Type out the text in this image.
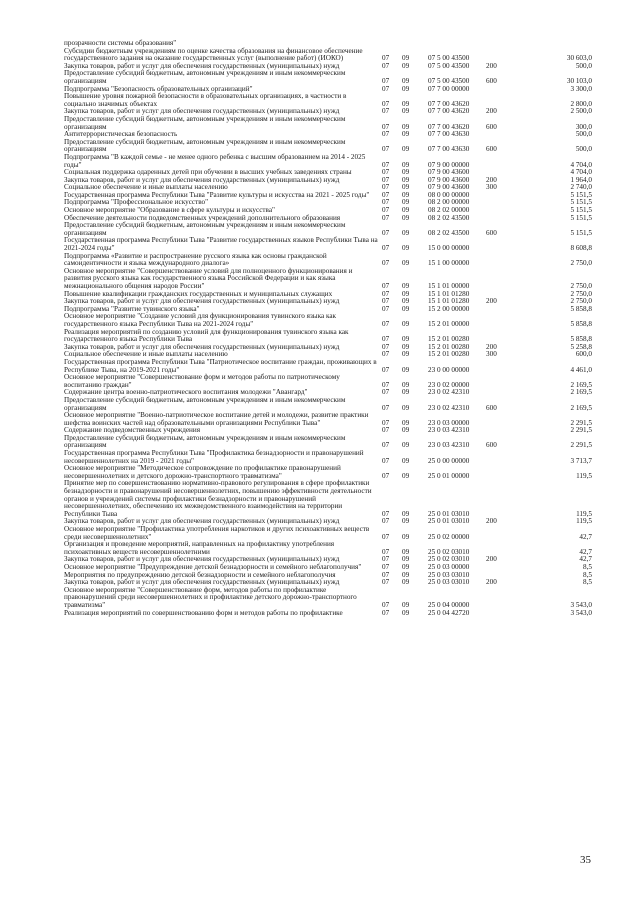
прозрачности системы образования"
Субсидии бюджетным учреждениям по оценке качества образования на финансовое обеспечение государственного задания на оказание государственных услуг (выполнение работ) (ИОКО)	07	09	07 5 00 43500	30 603,0
Закупка товаров, работ и услуг для обеспечения государственных (муниципальных) нужд	07	09	07 5 00 43500	200	500,0
Предоставление субсидий бюджетным, автономным учреждениям и иным некоммерческим организациям	07	09	07 5 00 43500	600	30 103,0
Подпрограмма "Безопасность образовательных организаций"	07	09	07 7 00 00000	3 300,0
Повышение уровня пожарной безопасности в образовательных организациях, в частности в социально значимых объектах	07	09	07 7 00 43620	2 800,0
Закупка товаров, работ и услуг для обеспечения государственных (муниципальных) нужд	07	09	07 7 00 43620	200	2 500,0
Предоставление субсидий бюджетным, автономным учреждениям и иным некоммерческим организациям	07	09	07 7 00 43620	600	300,0
Антитеррористическая безопасность	07	09	07 7 00 43630	500,0
Предоставление субсидий бюджетным, автономным учреждениям и иным некоммерческим организациям	07	09	07 7 00 43630	600	500,0
Подпрограмма "В каждой семье - не менее одного ребенка с высшим образованием на 2014 - 2025 годы"	07	09	07 9 00 00000	4 704,0
Социальная поддержка одаренных детей при обучении в высших учебных заведениях страны	07	09	07 9 00 43600	4 704,0
Закупка товаров, работ и услуг для обеспечения государственных (муниципальных) нужд	07	09	07 9 00 43600	200	1 964,0
Социальное обеспечение и иные выплаты населению	07	09	07 9 00 43600	300	2 740,0
Государственная программа Республики Тыва "Развитие культуры и искусства на 2021 - 2025 годы"	07	09	08 0 00 00000	5 151,5
Подпрограмма "Профессиональное искусство"	07	09	08 2 00 00000	5 151,5
Основное мероприятие "Образование в сфере культуры и искусства"	07	09	08 2 02 00000	5 151,5
Обеспечение деятельности подведомственных учреждений дополнительного образования	07	09	08 2 02 43500	5 151,5
Предоставление субсидий бюджетным, автономным учреждениям и иным некоммерческим организациям	07	09	08 2 02 43500	600	5 151,5
Государственная программа Республики Тыва "Развитие государственных языков Республики Тыва на 2021-2024 годы"	07	09	15 0 00 00000	8 608,8
Подпрограмма «Развитие и распространение русского языка как основы гражданской самоидентичности и языка международного диалога»	07	09	15 1 00 00000	2 750,0
Основное мероприятие "Совершенствование условий для полноценного функционирования и развития русского языка как государственного языка Российской Федерации и как языка межнационального общения народов России"	07	09	15 1 01 00000	2 750,0
Повышение квалификации гражданских государственных и муниципальных служащих	07	09	15 1 01 01280	2 750,0
Закупка товаров, работ и услуг для обеспечения государственных (муниципальных) нужд	07	09	15 1 01 01280	200	2 750,0
Подпрограмма "Развитие тувинского языка"	07	09	15 2 00 00000	5 858,8
Основное мероприятие "Создание условий для функционирования тувинского языка как государственного языка Республики Тыва на 2021-2024 годы"	07	09	15 2 01 00000	5 858,8
Реализация мероприятий по созданию условий для функционирования тувинского языка как государственного языка Республики Тыва	07	09	15 2 01 00280	5 858,8
Закупка товаров, работ и услуг для обеспечения государственных (муниципальных) нужд	07	09	15 2 01 00280	200	5 258,8
Социальное обеспечение и иные выплаты населению	07	09	15 2 01 00280	300	600,0
Государственная программа Республики Тыва "Патриотическое воспитание граждан, проживающих в Республике Тыва, на 2019-2021 годы"	07	09	23 0 00 00000	4 461,0
Основное мероприятие "Совершенствование форм и методов работы по патриотическому воспитанию граждан"	07	09	23 0 02 00000	2 169,5
Содержание центра военно-патриотического воспитания молодежи "Авангард"	07	09	23 0 02 42310	2 169,5
Предоставление субсидий бюджетным, автономным учреждениям и иным некоммерческим организациям	07	09	23 0 02 42310	600	2 169,5
Основное мероприятие "Военно-патриотическое воспитание детей и молодежи, развитие практики шефства воинских частей над образовательными организациями Республики Тыва"	07	09	23 0 03 00000	2 291,5
Содержание подведомственных учреждения	07	09	23 0 03 42310	2 291,5
Предоставление субсидий бюджетным, автономным учреждениям и иным некоммерческим организациям	07	09	23 0 03 42310	600	2 291,5
Государственная программа Республики Тыва "Профилактика безнадзорности и правонарушений несовершеннолетних на 2019 - 2021 годы"	07	09	25 0 00 00000	3 713,7
Основное мероприятие "Методическое сопровождение по профилактике правонарушений несовершеннолетних и детского дорожно-транспортного травматизма"	07	09	25 0 01 00000	119,5
Принятие мер по совершенствованию нормативно-правового регулирования в сфере профилактики безнадзорности и правонарушений несовершеннолетних, повышению эффективности деятельности органов и учреждений системы профилактики безнадзорности и правонарушений несовершеннолетних, обеспечению их межведомственного взаимодействия на территории Республики Тыва	07	09	25 0 01 03010	119,5
Закупка товаров, работ и услуг для обеспечения государственных (муниципальных) нужд	07	09	25 0 01 03010	200	119,5
Основное мероприятие "Профилактика употребления наркотиков и других психоактивных веществ среди несовершеннолетних"	07	09	25 0 02 00000	42,7
Организация и проведение мероприятий, направленных на профилактику употребления психоактивных веществ несовершеннолетними	07	09	25 0 02 03010	42,7
Закупка товаров, работ и услуг для обеспечения государственных (муниципальных) нужд	07	09	25 0 02 03010	200	42,7
Основное мероприятие "Предупреждение детской безнадзорности и семейного неблагополучия"	07	09	25 0 03 00000	8,5
Мероприятия по предупреждению детской безнадзорности и семейного неблагополучия	07	09	25 0 03 03010	8,5
Закупка товаров, работ и услуг для обеспечения государственных (муниципальных) нужд	07	09	25 0 03 03010	200	8,5
Основное мероприятие "Совершенствование форм, методов работы по профилактике правонарушений среди несовершеннолетних и профилактике детского дорожно-транспортного травматизма"	07	09	25 0 04 00000	3 543,0
Реализация мероприятий по совершенствованию форм и методов работы по профилактике	07	09	25 0 04 42720	3 543,0
35
